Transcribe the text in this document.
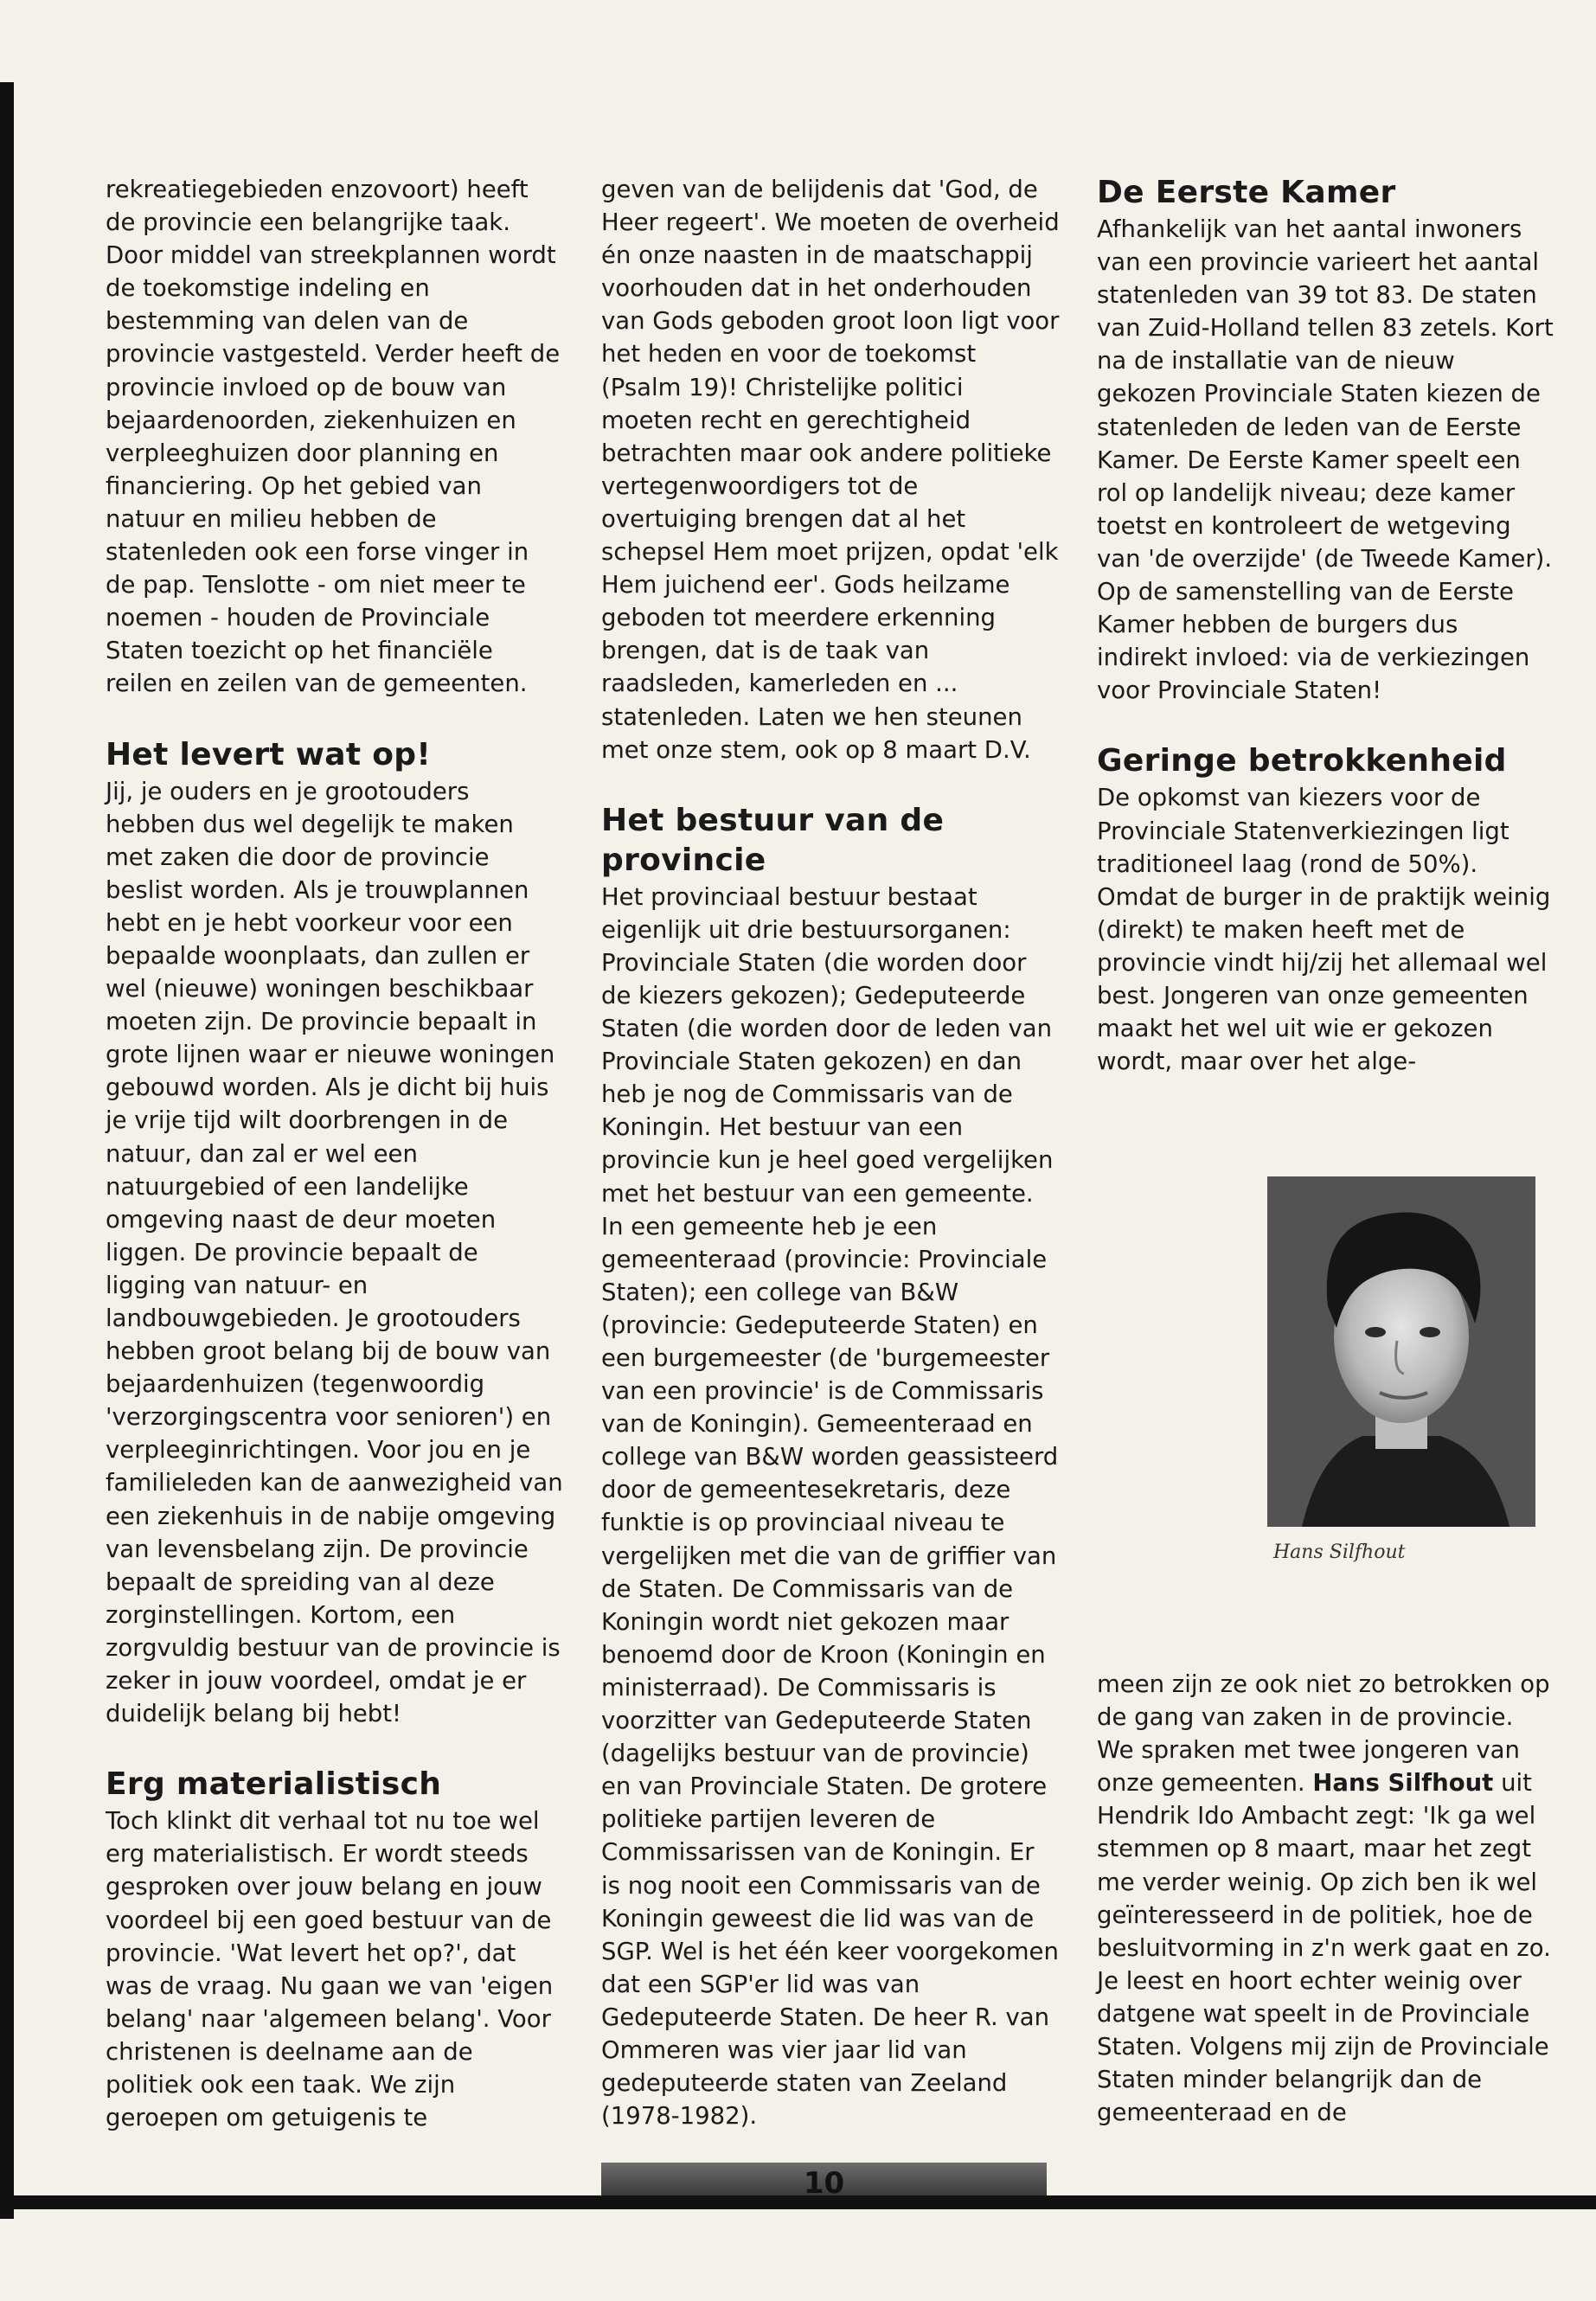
rekreatiegebieden enzovoort) heeft de provincie een belangrijke taak. Door middel van streekplannen wordt de toekomstige indeling en bestemming van delen van de provincie vastgesteld. Verder heeft de provincie invloed op de bouw van bejaardenoorden, ziekenhuizen en verpleeghuizen door planning en financiering. Op het gebied van natuur en milieu hebben de statenleden ook een forse vinger in de pap. Tenslotte - om niet meer te noemen - houden de Provinciale Staten toezicht op het financiële reilen en zeilen van de gemeenten.

Het levert wat op!

Jij, je ouders en je grootouders hebben dus wel degelijk te maken met zaken die door de provincie beslist worden. Als je trouwplannen hebt en je hebt voorkeur voor een bepaalde woonplaats, dan zullen er wel (nieuwe) woningen beschikbaar moeten zijn. De provincie bepaalt in grote lijnen waar er nieuwe woningen gebouwd worden. Als je dicht bij huis je vrije tijd wilt doorbrengen in de natuur, dan zal er wel een natuurgebied of een landelijke omgeving naast de deur moeten liggen. De provincie bepaalt de ligging van natuur- en landbouwgebieden. Je grootouders hebben groot belang bij de bouw van bejaardenhuizen (tegenwoordig 'verzorgingscentra voor senioren') en verpleeginrichtingen. Voor jou en je familieleden kan de aanwezigheid van een ziekenhuis in de nabije omgeving van levensbelang zijn. De provincie bepaalt de spreiding van al deze zorginstellingen. Kortom, een zorgvuldig bestuur van de provincie is zeker in jouw voordeel, omdat je er duidelijk belang bij hebt!

Erg materialistisch

Toch klinkt dit verhaal tot nu toe wel erg materialistisch. Er wordt steeds gesproken over jouw belang en jouw voordeel bij een goed bestuur van de provincie. 'Wat levert het op?', dat was de vraag. Nu gaan we van 'eigen belang' naar 'algemeen belang'. Voor christenen is deelname aan de politiek ook een taak. We zijn geroepen om getuigenis te

geven van de belijdenis dat 'God, de Heer regeert'. We moeten de overheid én onze naasten in de maatschappij voorhouden dat in het onderhouden van Gods geboden groot loon ligt voor het heden en voor de toekomst (Psalm 19)! Christelijke politici moeten recht en gerechtigheid betrachten maar ook andere politieke vertegenwoordigers tot de overtuiging brengen dat al het schepsel Hem moet prijzen, opdat 'elk Hem juichend eer'. Gods heilzame geboden tot meerdere erkenning brengen, dat is de taak van raadsleden, kamerleden en ... statenleden. Laten we hen steunen met onze stem, ook op 8 maart D.V.

Het bestuur van de provincie

Het provinciaal bestuur bestaat eigenlijk uit drie bestuursorganen: Provinciale Staten (die worden door de kiezers gekozen); Gedeputeerde Staten (die worden door de leden van Provinciale Staten gekozen) en dan heb je nog de Commissaris van de Koningin. Het bestuur van een provincie kun je heel goed vergelijken met het bestuur van een gemeente. In een gemeente heb je een gemeenteraad (provincie: Provinciale Staten); een college van B&W (provincie: Gedeputeerde Staten) en een burgemeester (de 'burgemeester van een provincie' is de Commissaris van de Koningin). Gemeenteraad en college van B&W worden geassisteerd door de gemeentesekretaris, deze funktie is op provinciaal niveau te vergelijken met die van de griffier van de Staten. De Commissaris van de Koningin wordt niet gekozen maar benoemd door de Kroon (Koningin en ministerraad). De Commissaris is voorzitter van Gedeputeerde Staten (dagelijks bestuur van de provincie) en van Provinciale Staten. De grotere politieke partijen leveren de Commissarissen van de Koningin. Er is nog nooit een Commissaris van de Koningin geweest die lid was van de SGP. Wel is het één keer voorgekomen dat een SGP'er lid was van Gedeputeerde Staten. De heer R. van Ommeren was vier jaar lid van gedeputeerde staten van Zeeland (1978-1982).

De Eerste Kamer

Afhankelijk van het aantal inwoners van een provincie varieert het aantal statenleden van 39 tot 83. De staten van Zuid-Holland tellen 83 zetels. Kort na de installatie van de nieuw gekozen Provinciale Staten kiezen de statenleden de leden van de Eerste Kamer. De Eerste Kamer speelt een rol op landelijk niveau; deze kamer toetst en kontroleert de wetgeving van 'de overzijde' (de Tweede Kamer). Op de samenstelling van de Eerste Kamer hebben de burgers dus indirekt invloed: via de verkiezingen voor Provinciale Staten!

Geringe betrokkenheid

De opkomst van kiezers voor de Provinciale Statenverkiezingen ligt traditioneel laag (rond de 50%). Omdat de burger in de praktijk weinig (direkt) te maken heeft met de provincie vindt hij/zij het allemaal wel best. Jongeren van onze gemeenten maakt het wel uit wie er gekozen wordt, maar over het alge-

Hans Silfhout

meen zijn ze ook niet zo betrokken op de gang van zaken in de provincie. We spraken met twee jongeren van onze gemeenten. Hans Silfhout uit Hendrik Ido Ambacht zegt: 'Ik ga wel stemmen op 8 maart, maar het zegt me verder weinig. Op zich ben ik wel geïnteresseerd in de politiek, hoe de besluitvorming in z'n werk gaat en zo. Je leest en hoort echter weinig over datgene wat speelt in de Provinciale Staten. Volgens mij zijn de Provinciale Staten minder belangrijk dan de gemeenteraad en de

10
